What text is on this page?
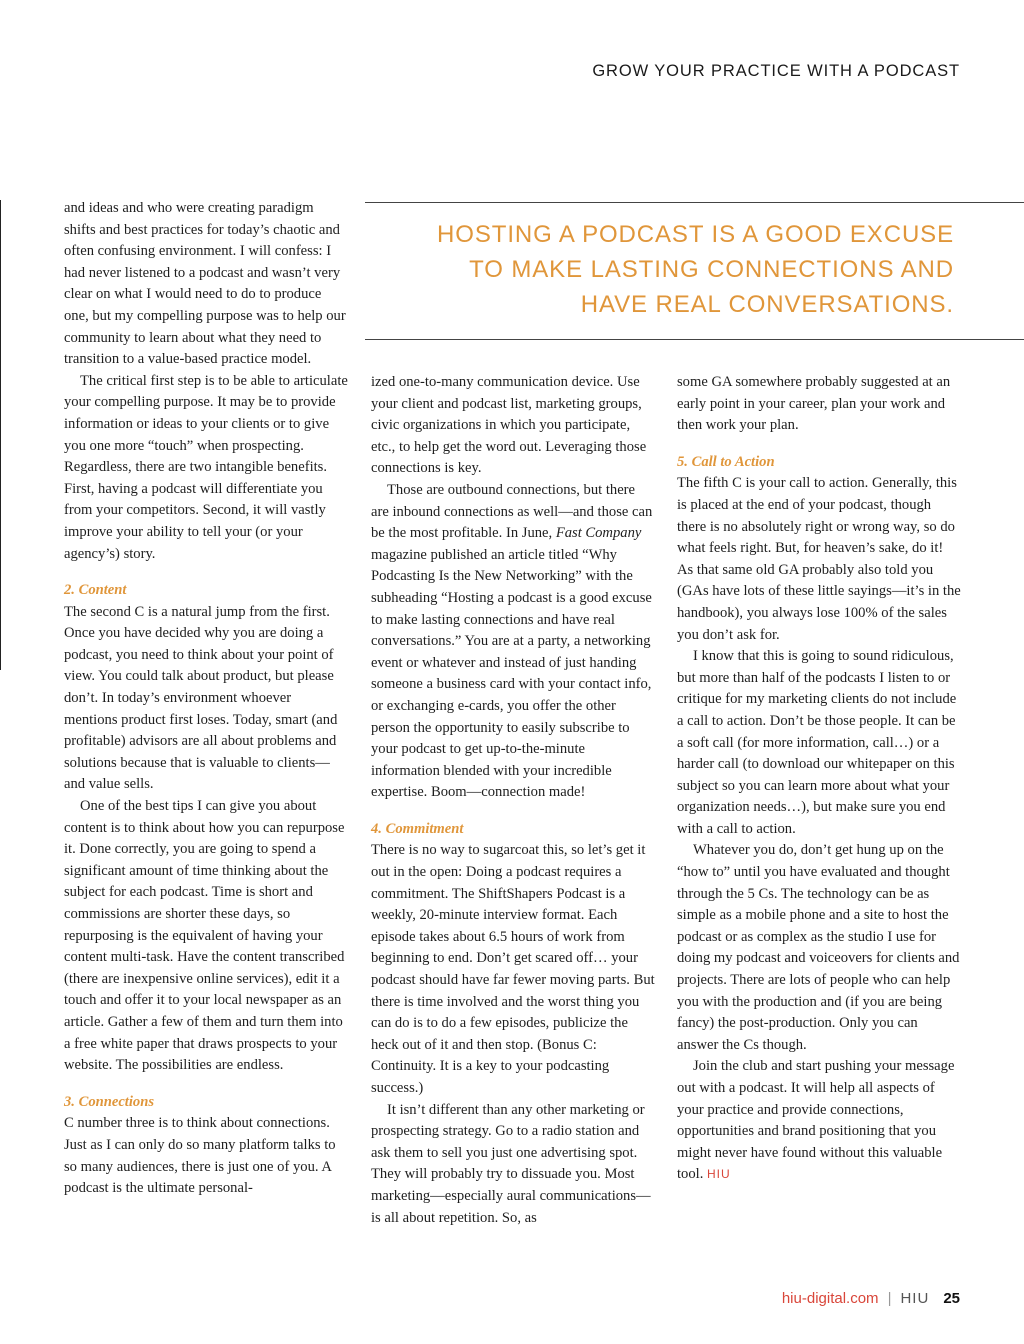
GROW YOUR PRACTICE WITH A PODCAST
HOSTING A PODCAST IS A GOOD EXCUSE
TO MAKE LASTING CONNECTIONS AND
HAVE REAL CONVERSATIONS.

and ideas and who were creating paradigm shifts and best practices for today’s chaotic and often confusing environment. I will confess: I had never listened to a podcast and wasn’t very clear on what I would need to do to produce one, but my compelling purpose was to help our community to learn about what they need to transition to a value-based practice model.

The critical first step is to be able to articulate your compelling purpose. It may be to provide information or ideas to your clients or to give you one more “touch” when prospecting. Regardless, there are two intangible benefits. First, having a podcast will differentiate you from your competitors. Second, it will vastly improve your ability to tell your (or your agency’s) story.

2. Content

The second C is a natural jump from the first. Once you have decided why you are doing a podcast, you need to think about your point of view. You could talk about product, but please don’t. In today’s environment whoever mentions product first loses. Today, smart (and profitable) advisors are all about problems and solutions because that is valuable to clients—and value sells.

One of the best tips I can give you about content is to think about how you can repurpose it. Done correctly, you are going to spend a significant amount of time thinking about the subject for each podcast. Time is short and commissions are shorter these days, so repurposing is the equivalent of having your content multi-task. Have the content transcribed (there are inexpensive online services), edit it a touch and offer it to your local newspaper as an article. Gather a few of them and turn them into a free white paper that draws prospects to your website. The possibilities are endless.

3. Connections

C number three is to think about connections. Just as I can only do so many platform talks to so many audiences, there is just one of you. A podcast is the ultimate personal-

ized one-to-many communication device. Use your client and podcast list, marketing groups, civic organizations in which you participate, etc., to help get the word out. Leveraging those connections is key.

Those are outbound connections, but there are inbound connections as well—and those can be the most profitable. In June, Fast Company magazine published an article titled “Why Podcasting Is the New Networking” with the subheading “Hosting a podcast is a good excuse to make lasting connections and have real conversations.” You are at a party, a networking event or whatever and instead of just handing someone a business card with your contact info, or exchanging e-cards, you offer the other person the opportunity to easily subscribe to your podcast to get up-to-the-minute information blended with your incredible expertise. Boom—connection made!

4. Commitment

There is no way to sugarcoat this, so let’s get it out in the open: Doing a podcast requires a commitment. The ShiftShapers Podcast is a weekly, 20-minute interview format. Each episode takes about 6.5 hours of work from beginning to end. Don’t get scared off… your podcast should have far fewer moving parts. But there is time involved and the worst thing you can do is to do a few episodes, publicize the heck out of it and then stop. (Bonus C: Continuity. It is a key to your podcasting success.)

It isn’t different than any other marketing or prospecting strategy. Go to a radio station and ask them to sell you just one advertising spot. They will probably try to dissuade you. Most marketing—especially aural communications—is all about repetition. So, as

some GA somewhere probably suggested at an early point in your career, plan your work and then work your plan.

5. Call to Action

The fifth C is your call to action. Generally, this is placed at the end of your podcast, though there is no absolutely right or wrong way, so do what feels right. But, for heaven’s sake, do it! As that same old GA probably also told you (GAs have lots of these little sayings—it’s in the handbook), you always lose 100% of the sales you don’t ask for.

I know that this is going to sound ridiculous, but more than half of the podcasts I listen to or critique for my marketing clients do not include a call to action. Don’t be those people. It can be a soft call (for more information, call…) or a harder call (to download our whitepaper on this subject so you can learn more about what your organization needs…), but make sure you end with a call to action.

Whatever you do, don’t get hung up on the “how to” until you have evaluated and thought through the 5 Cs. The technology can be as simple as a mobile phone and a site to host the podcast or as complex as the studio I use for doing my podcast and voiceovers for clients and projects. There are lots of people who can help you with the production and (if you are being fancy) the post-production. Only you can answer the Cs though.

Join the club and start pushing your message out with a podcast. It will help all aspects of your practice and provide connections, opportunities and brand positioning that you might never have found without this valuable tool. HIU

hiu-digital.com | HIU 25
